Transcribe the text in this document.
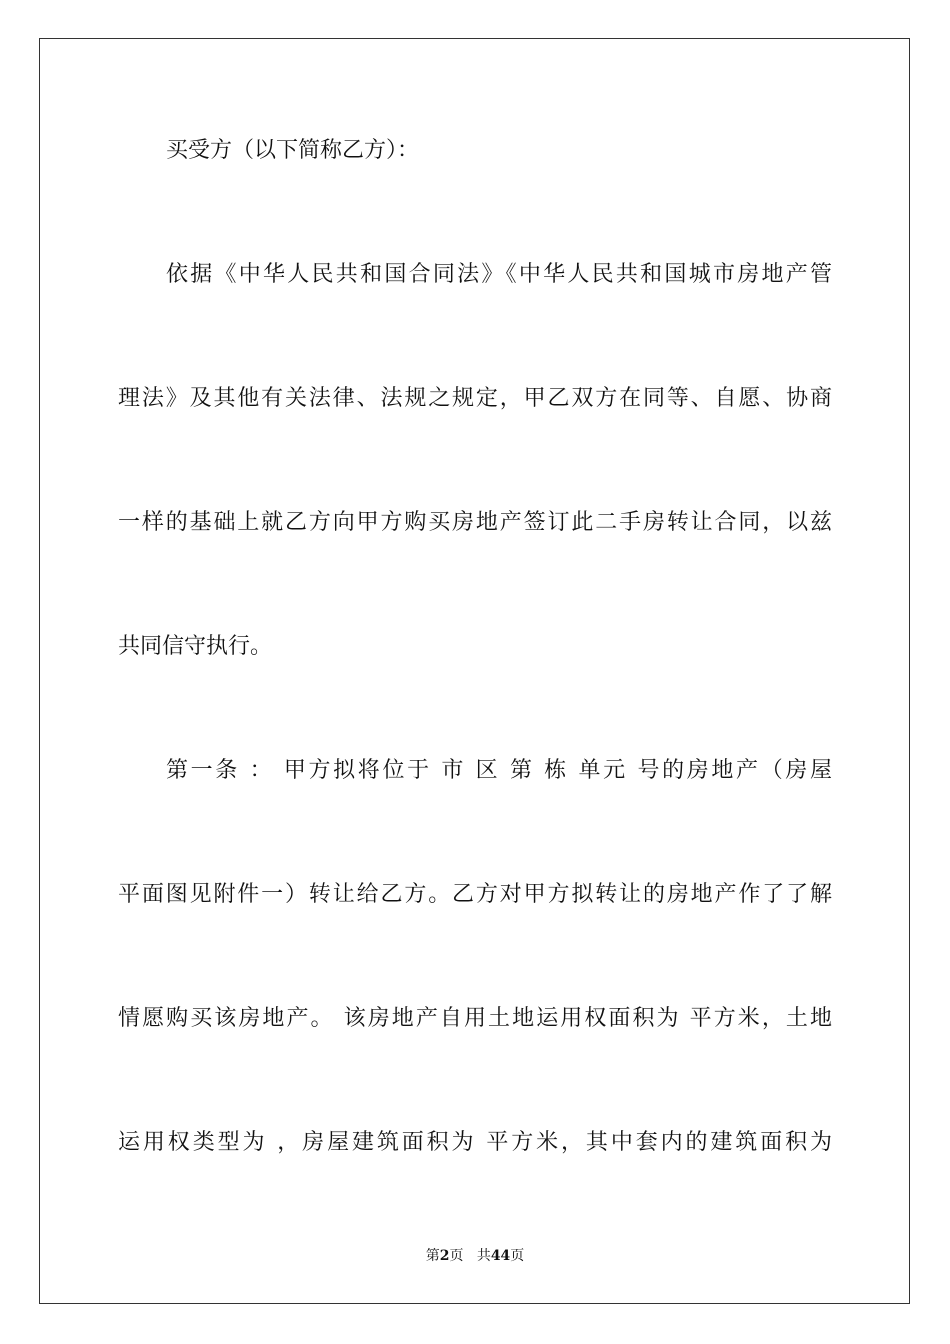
买受方（以下简称乙方）：
依据《中华人民共和国合同法》《中华人民共和国城市房地产管
理法》及其他有关法律、法规之规定，甲乙双方在同等、自愿、协商
一样的基础上就乙方向甲方购买房地产签订此二手房转让合同，以兹
共同信守执行。
第一条 ： 甲方拟将位于 市 区 第 栋 单元 号的房地产（房屋
平面图见附件一）转让给乙方。乙方对甲方拟转让的房地产作了了解
情愿购买该房地产。 该房地产自用土地运用权面积为 平方米，土地
运用权类型为 ，房屋建筑面积为 平方米，其中套内的建筑面积为
第2页 共44页
